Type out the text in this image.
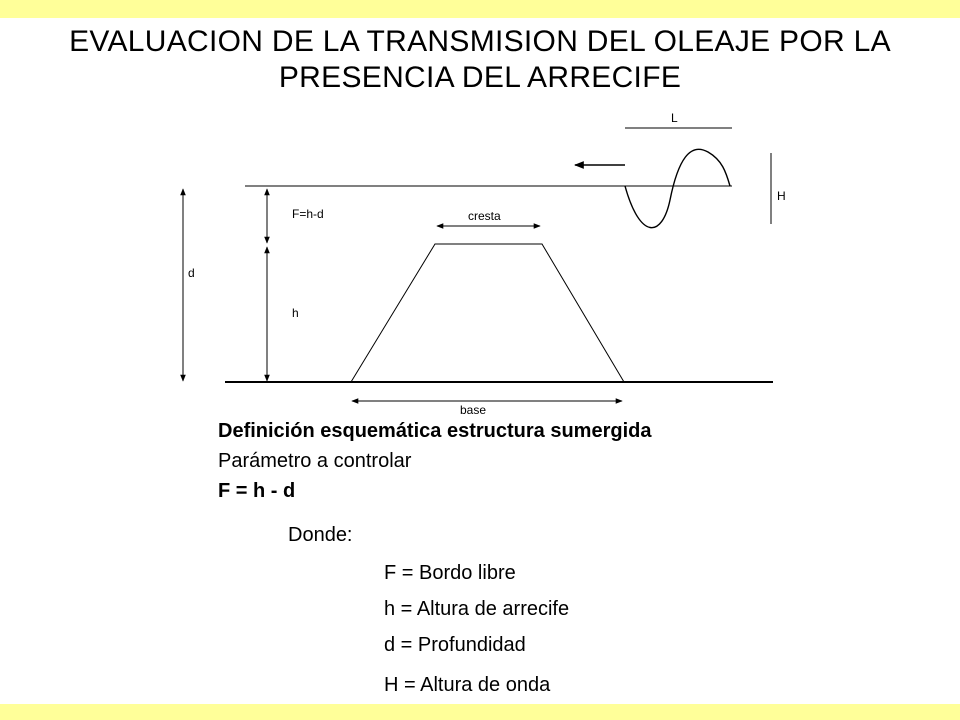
EVALUACION DE LA TRANSMISION DEL OLEAJE POR LA
PRESENCIA DEL ARRECIFE
d
F=h-d
h
cresta
base
L
H
Definición esquemática estructura sumergida
Parámetro a controlar
F = h - d
Donde:
F = Bordo libre
h = Altura de arrecife
d = Profundidad
H = Altura de onda
